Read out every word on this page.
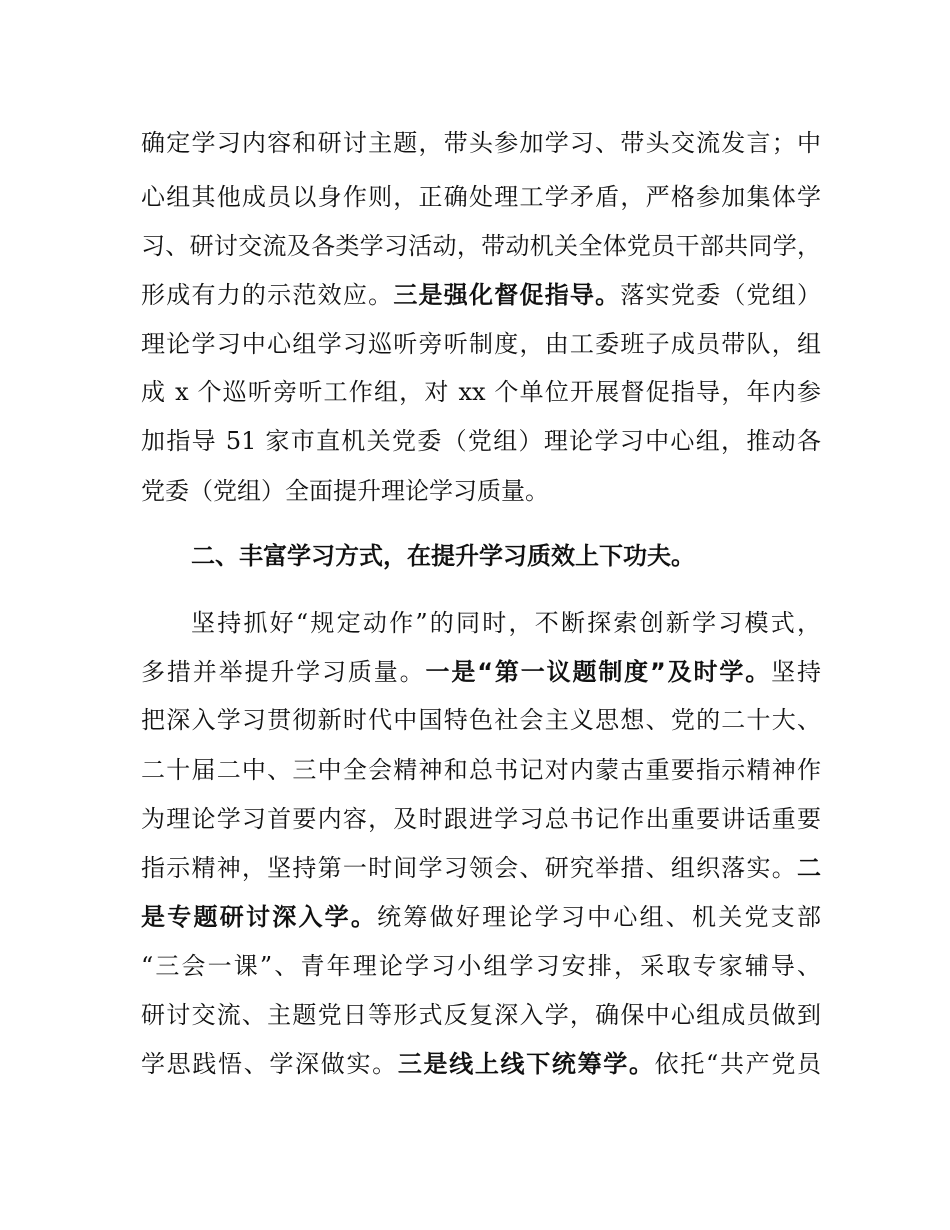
确定学习内容和研讨主题，带头参加学习、带头交流发言；中
心组其他成员以身作则，正确处理工学矛盾，严格参加集体学
习、研讨交流及各类学习活动，带动机关全体党员干部共同学，
形成有力的示范效应。三是强化督促指导。落实党委（党组）
理论学习中心组学习巡听旁听制度，由工委班子成员带队，组
成 x 个巡听旁听工作组，对 xx 个单位开展督促指导，年内参
加指导 51 家市直机关党委（党组）理论学习中心组，推动各
党委（党组）全面提升理论学习质量。
二、丰富学习方式，在提升学习质效上下功夫。
坚持抓好“规定动作”的同时，不断探索创新学习模式，
多措并举提升学习质量。一是“第一议题制度”及时学。坚持
把深入学习贯彻新时代中国特色社会主义思想、党的二十大、
二十届二中、三中全会精神和总书记对内蒙古重要指示精神作
为理论学习首要内容，及时跟进学习总书记作出重要讲话重要
指示精神，坚持第一时间学习领会、研究举措、组织落实。二
是专题研讨深入学。统筹做好理论学习中心组、机关党支部
“三会一课”、青年理论学习小组学习安排，采取专家辅导、
研讨交流、主题党日等形式反复深入学，确保中心组成员做到
学思践悟、学深做实。三是线上线下统筹学。依托“共产党员
